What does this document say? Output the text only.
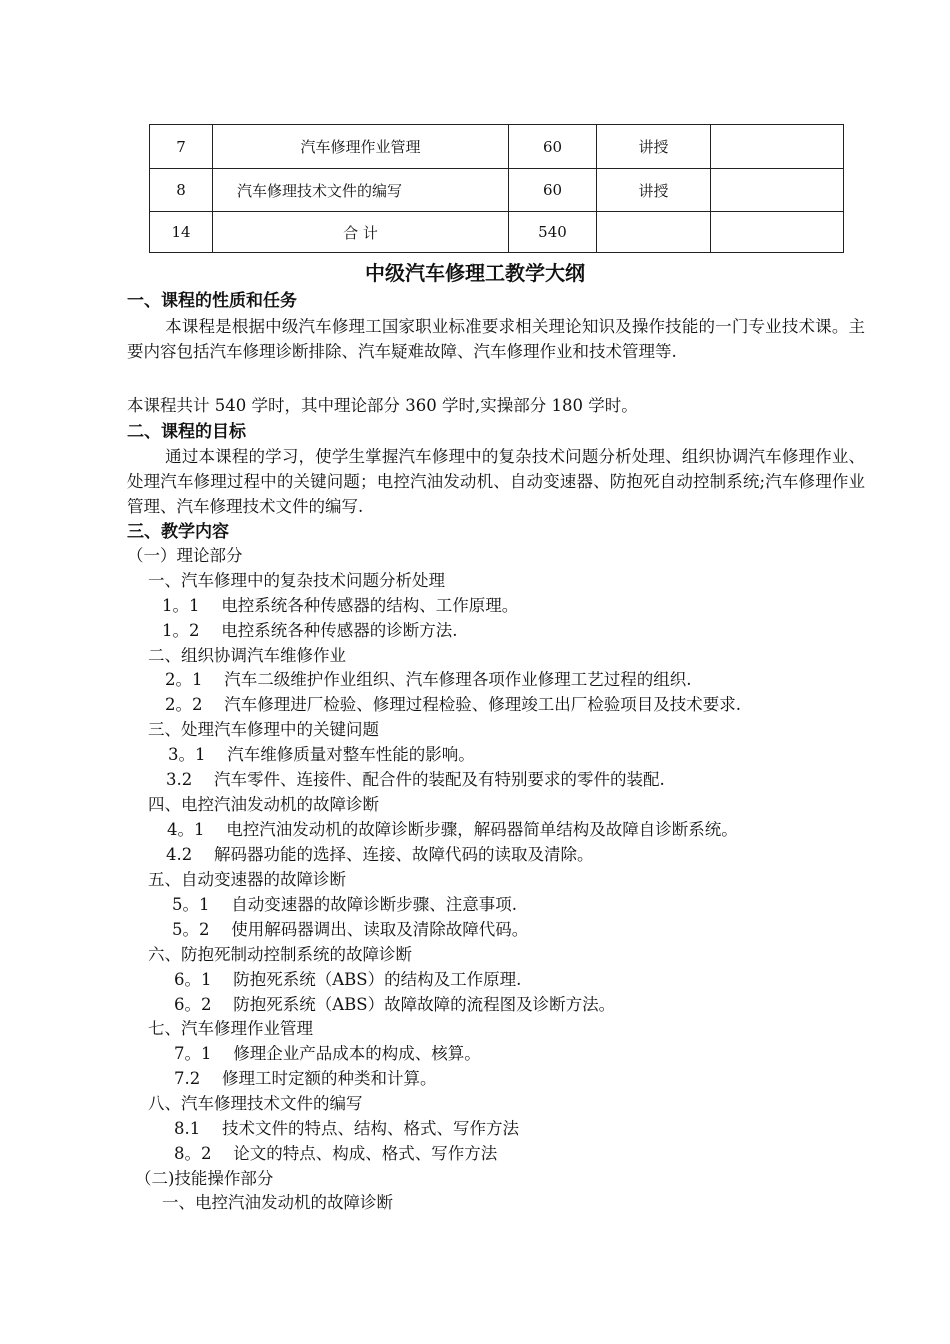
7	汽车修理作业管理	60	讲授	
8	汽车修理技术文件的编写	60	讲授	
14	合 计	540		
中级汽车修理工教学大纲
一、课程的性质和任务
本课程是根据中级汽车修理工国家职业标准要求相关理论知识及操作技能的一门专业技术课。主要内容包括汽车修理诊断排除、汽车疑难故障、汽车修理作业和技术管理等.
本课程共计 540 学时，其中理论部分 360 学时,实操部分 180 学时。
二、课程的目标
通过本课程的学习，使学生掌握汽车修理中的复杂技术问题分析处理、组织协调汽车修理作业、处理汽车修理过程中的关键问题；电控汽油发动机、自动变速器、防抱死自动控制系统;汽车修理作业管理、汽车修理技术文件的编写.
三、教学内容
（一）理论部分
一、汽车修理中的复杂技术问题分析处理
1。1　 电控系统各种传感器的结构、工作原理。
1。2　 电控系统各种传感器的诊断方法.
二、组织协调汽车维修作业
2。1　 汽车二级维护作业组织、汽车修理各项作业修理工艺过程的组织.
2。2　 汽车修理进厂检验、修理过程检验、修理竣工出厂检验项目及技术要求.
三、处理汽车修理中的关键问题
3。1　 汽车维修质量对整车性能的影响。
3.2　 汽车零件、连接件、配合件的装配及有特别要求的零件的装配.
四、电控汽油发动机的故障诊断
4。1　 电控汽油发动机的故障诊断步骤，解码器简单结构及故障自诊断系统。
4.2　 解码器功能的选择、连接、故障代码的读取及清除。
五、自动变速器的故障诊断
5。1　 自动变速器的故障诊断步骤、注意事项.
5。2　 使用解码器调出、读取及清除故障代码。
六、防抱死制动控制系统的故障诊断
6。1　 防抱死系统（ABS）的结构及工作原理.
6。2　 防抱死系统（ABS）故障故障的流程图及诊断方法。
七、汽车修理作业管理
7。1　 修理企业产品成本的构成、核算。
7.2　 修理工时定额的种类和计算。
八、汽车修理技术文件的编写
8.1　 技术文件的特点、结构、格式、写作方法
8。2　 论文的特点、构成、格式、写作方法
（二)技能操作部分
一、电控汽油发动机的故障诊断
